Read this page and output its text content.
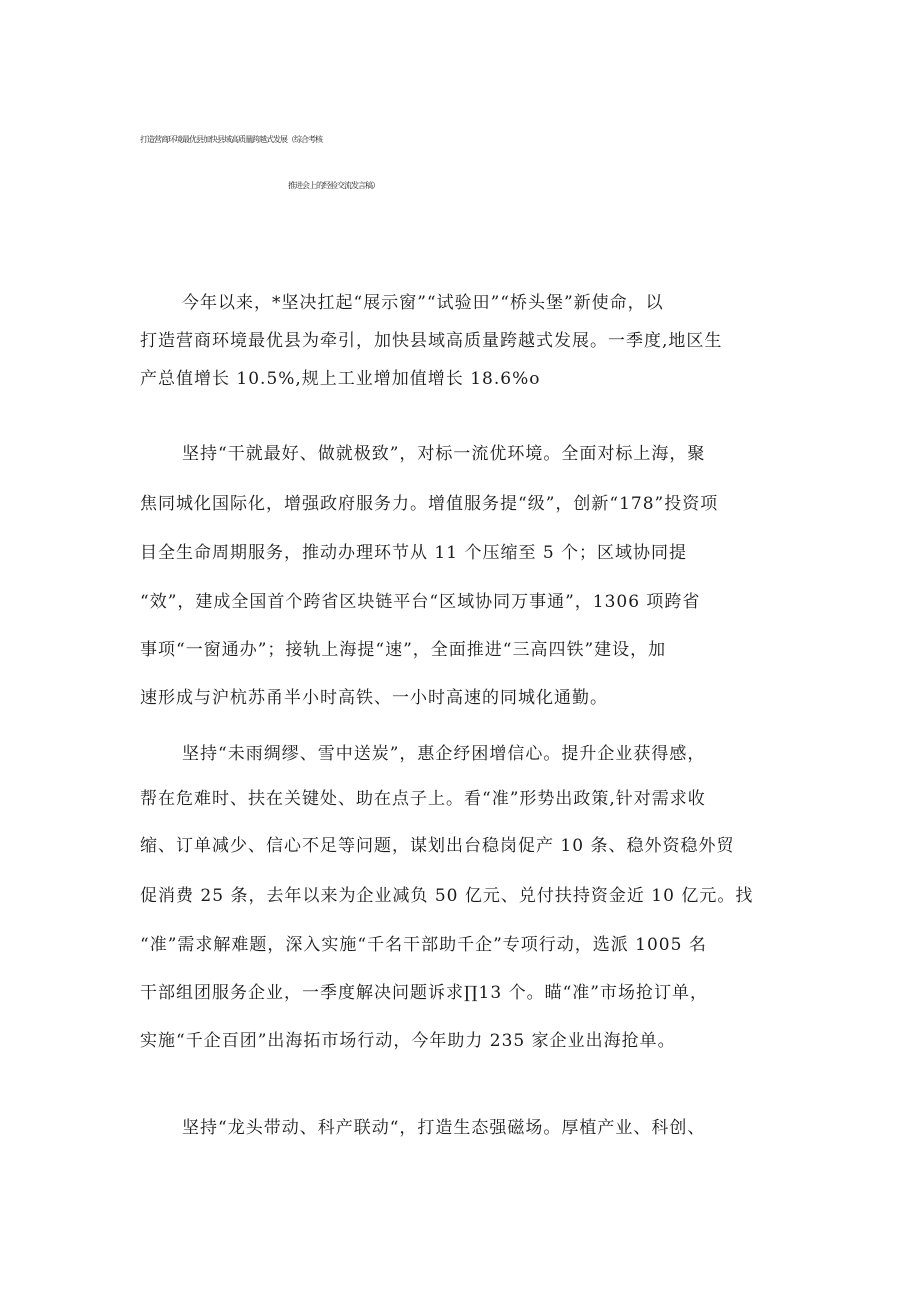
打造营商环境最优县加快县域高质量跨越式发展（综合考核
推进会上的经验交流发言稿）
今年以来，*坚决扛起“展示窗”“试验田”“桥头堡”新使命，以
打造营商环境最优县为牵引，加快县域高质量跨越式发展。一季度,地区生
产总值增长 10.5%,规上工业增加值增长 18.6%o
坚持“干就最好、做就极致”，对标一流优环境。全面对标上海，聚
焦同城化国际化，增强政府服务力。增值服务提“级”，创新“178”投资项
目全生命周期服务，推动办理环节从 11 个压缩至 5 个；区域协同提
“效”，建成全国首个跨省区块链平台“区域协同万事通”，1306 项跨省
事项“一窗通办”；接轨上海提“速”，全面推进“三高四铁”建设，加
速形成与沪杭苏甬半小时高铁、一小时高速的同城化通勤。
坚持“未雨绸缪、雪中送炭”，惠企纾困增信心。提升企业获得感，
帮在危难时、扶在关键处、助在点子上。看“准”形势出政策,针对需求收
缩、订单减少、信心不足等问题，谋划出台稳岗促产 10 条、稳外资稳外贸
促消费 25 条，去年以来为企业减负 50 亿元、兑付扶持资金近 10 亿元。找
“准”需求解难题，深入实施“千名干部助千企”专项行动，选派 1005 名
干部组团服务企业，一季度解决问题诉求∏13 个。瞄“准”市场抢订单，
实施“千企百团”出海拓市场行动，今年助力 235 家企业出海抢单。
坚持“龙头带动、科产联动“，打造生态强磁场。厚植产业、科创、
